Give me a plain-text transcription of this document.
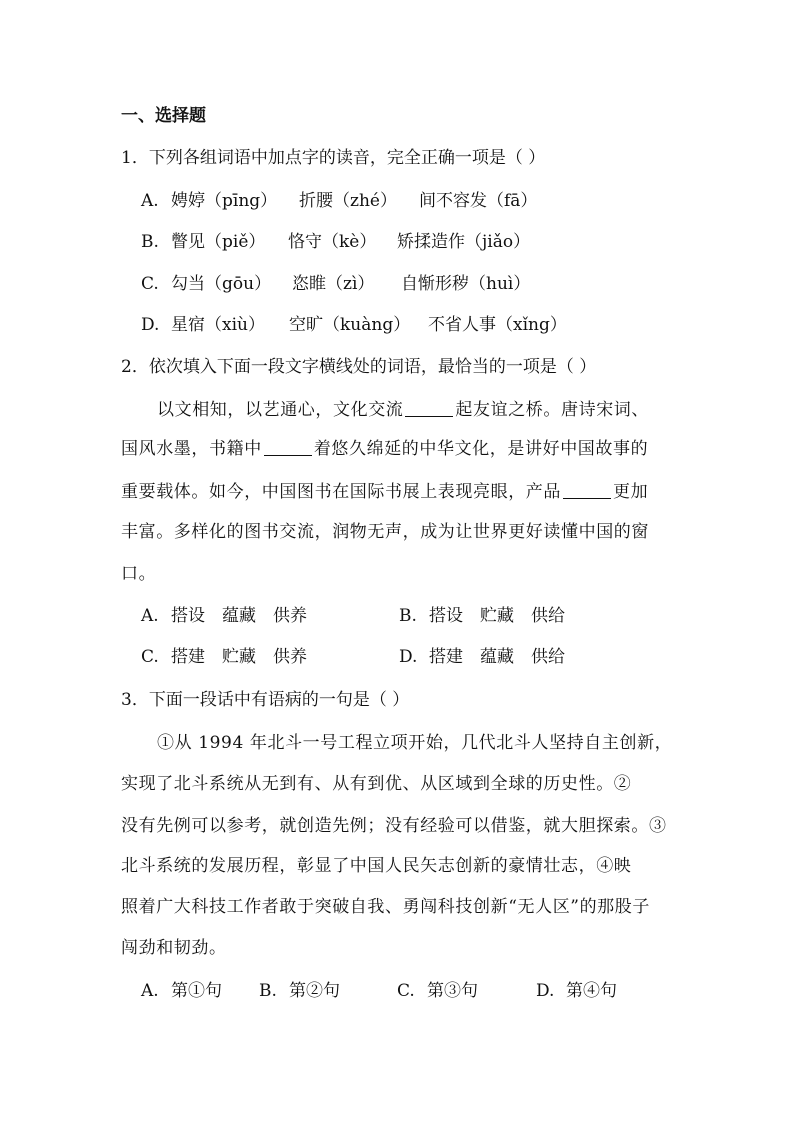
一、选择题
1．下列各组词语中加点字的读音，完全正确一项是（ ）
A. 娉婷（pīng） 折腰（zhé） 间不容发（fā）
B. 瞥见（piě） 恪守（kè） 矫揉造作（jiǎo）
C. 勾当（gōu） 恣睢（zì） 自惭形秽（huì）
D. 星宿（xiù） 空旷（kuàng） 不省人事（xǐng）
2．依次填入下面一段文字横线处的词语，最恰当的一项是（ ）
以文相知，以艺通心，文化交流	起友谊之桥。唐诗宋词、
国风水墨，书籍中	着悠久绵延的中华文化，是讲好中国故事的
重要载体。如今，中国图书在国际书展上表现亮眼，产品	更加
丰富。多样化的图书交流，润物无声，成为让世界更好读懂中国的窗
口。
A. 搭设　蕴藏　供养	B. 搭设　贮藏　供给
C. 搭建　贮藏　供养	D. 搭建　蕴藏　供给
3．下面一段话中有语病的一句是（ ）
①从 1994 年北斗一号工程立项开始，几代北斗人坚持自主创新，
实现了北斗系统从无到有、从有到优、从区域到全球的历史性。②
没有先例可以参考，就创造先例；没有经验可以借鉴，就大胆探索。③
北斗系统的发展历程，彰显了中国人民矢志创新的豪情壮志，④映
照着广大科技工作者敢于突破自我、勇闯科技创新“无人区”的那股子
闯劲和韧劲。
A. 第①句 B. 第②句	C. 第③句	D. 第④句
